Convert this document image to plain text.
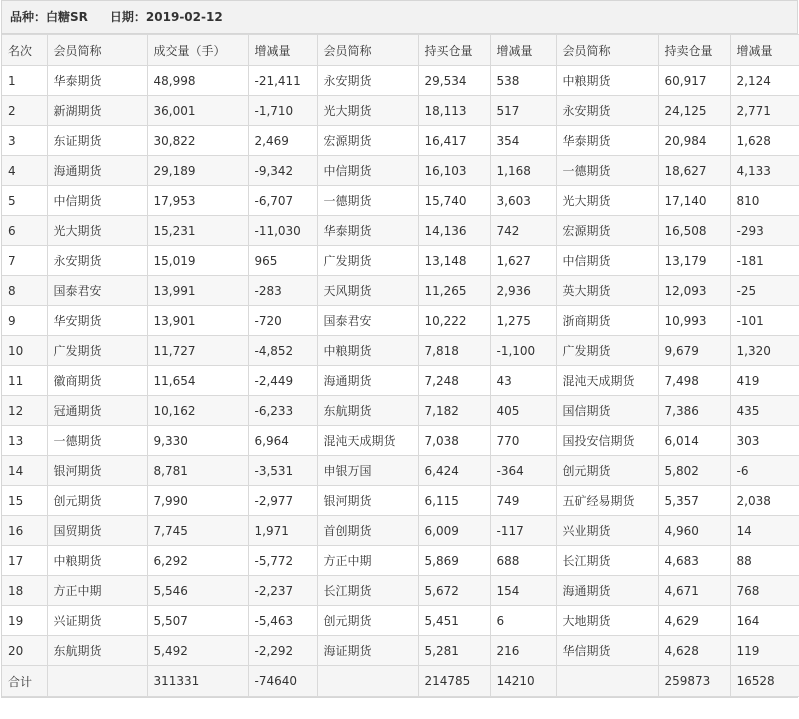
品种：白糖SR 日期：2019-02-12
名次	会员简称	成交量（手）	增减量	会员简称	持买仓量	增减量	会员简称	持卖仓量	增减量
1	华泰期货	48,998	-21,411	永安期货	29,534	538	中粮期货	60,917	2,124
2	新湖期货	36,001	-1,710	光大期货	18,113	517	永安期货	24,125	2,771
3	东证期货	30,822	2,469	宏源期货	16,417	354	华泰期货	20,984	1,628
4	海通期货	29,189	-9,342	中信期货	16,103	1,168	一德期货	18,627	4,133
5	中信期货	17,953	-6,707	一德期货	15,740	3,603	光大期货	17,140	810
6	光大期货	15,231	-11,030	华泰期货	14,136	742	宏源期货	16,508	-293
7	永安期货	15,019	965	广发期货	13,148	1,627	中信期货	13,179	-181
8	国泰君安	13,991	-283	天风期货	11,265	2,936	英大期货	12,093	-25
9	华安期货	13,901	-720	国泰君安	10,222	1,275	浙商期货	10,993	-101
10	广发期货	11,727	-4,852	中粮期货	7,818	-1,100	广发期货	9,679	1,320
11	徽商期货	11,654	-2,449	海通期货	7,248	43	混沌天成期货	7,498	419
12	冠通期货	10,162	-6,233	东航期货	7,182	405	国信期货	7,386	435
13	一德期货	9,330	6,964	混沌天成期货	7,038	770	国投安信期货	6,014	303
14	银河期货	8,781	-3,531	申银万国	6,424	-364	创元期货	5,802	-6
15	创元期货	7,990	-2,977	银河期货	6,115	749	五矿经易期货	5,357	2,038
16	国贸期货	7,745	1,971	首创期货	6,009	-117	兴业期货	4,960	14
17	中粮期货	6,292	-5,772	方正中期	5,869	688	长江期货	4,683	88
18	方正中期	5,546	-2,237	长江期货	5,672	154	海通期货	4,671	768
19	兴证期货	5,507	-5,463	创元期货	5,451	6	大地期货	4,629	164
20	东航期货	5,492	-2,292	海证期货	5,281	216	华信期货	4,628	119
合计		311331	-74640		214785	14210		259873	16528
